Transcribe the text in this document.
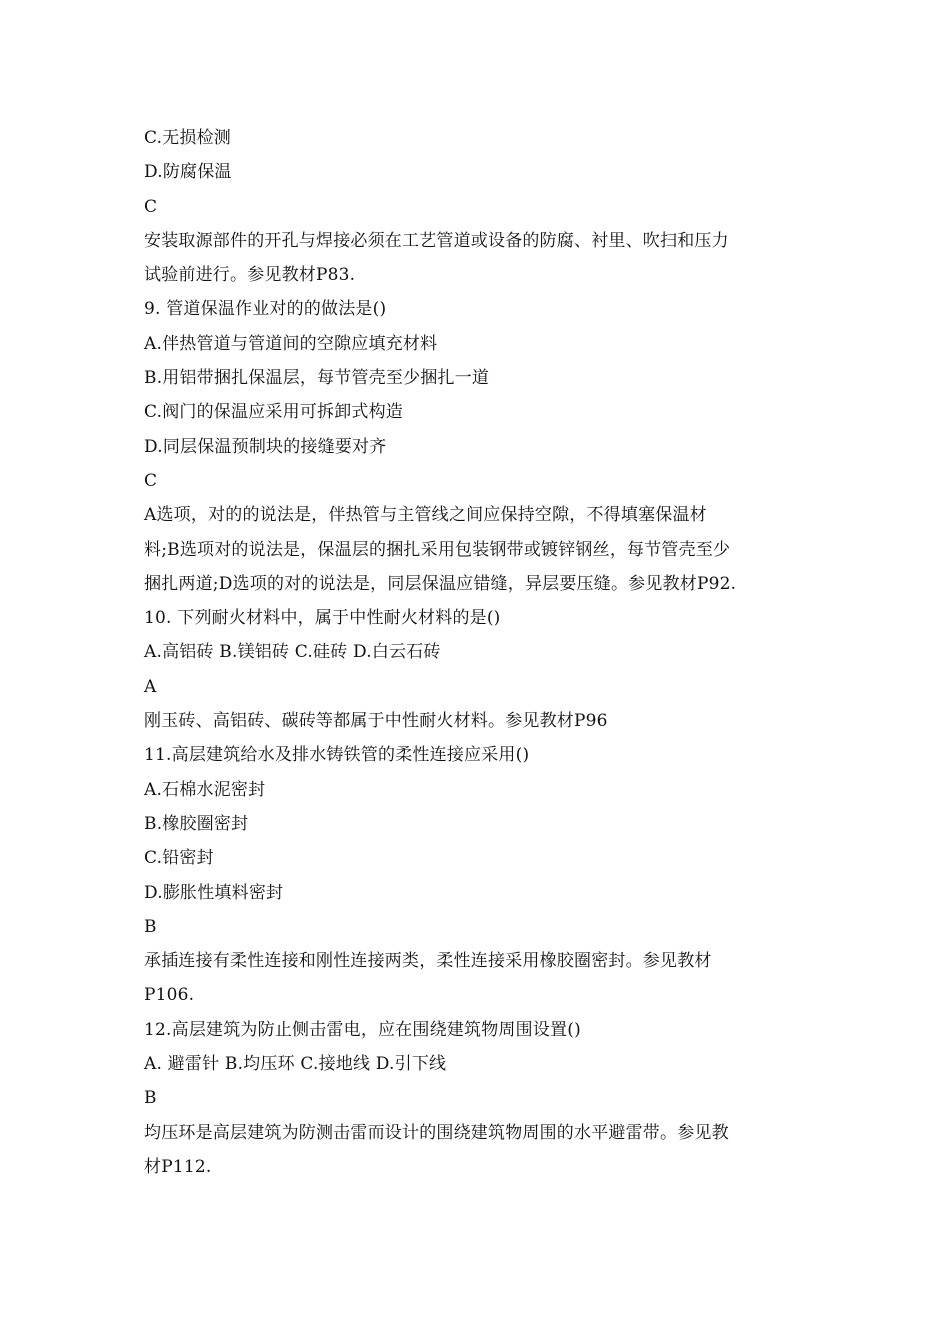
C.无损检测
D.防腐保温
C
安装取源部件的开孔与焊接必须在工艺管道或设备的防腐、衬里、吹扫和压力
试验前进行。参见教材P83.
9. 管道保温作业对的的做法是()
A.伴热管道与管道间的空隙应填充材料
B.用铝带捆扎保温层，每节管壳至少捆扎一道
C.阀门的保温应采用可拆卸式构造
D.同层保温预制块的接缝要对齐
C
A选项，对的的说法是，伴热管与主管线之间应保持空隙，不得填塞保温材
料;B选项对的说法是，保温层的捆扎采用包装钢带或镀锌钢丝，每节管壳至少
捆扎两道;D选项的对的说法是，同层保温应错缝，异层要压缝。参见教材P92.
10. 下列耐火材料中，属于中性耐火材料的是()
A.高铝砖 B.镁铝砖 C.硅砖 D.白云石砖
A
刚玉砖、高铝砖、碳砖等都属于中性耐火材料。参见教材P96
11.高层建筑给水及排水铸铁管的柔性连接应采用()
A.石棉水泥密封
B.橡胶圈密封
C.铅密封
D.膨胀性填料密封
B
承插连接有柔性连接和刚性连接两类，柔性连接采用橡胶圈密封。参见教材
P106.
12.高层建筑为防止侧击雷电，应在围绕建筑物周围设置()
A. 避雷针 B.均压环 C.接地线 D.引下线
B
均压环是高层建筑为防测击雷而设计的围绕建筑物周围的水平避雷带。参见教
材P112.
